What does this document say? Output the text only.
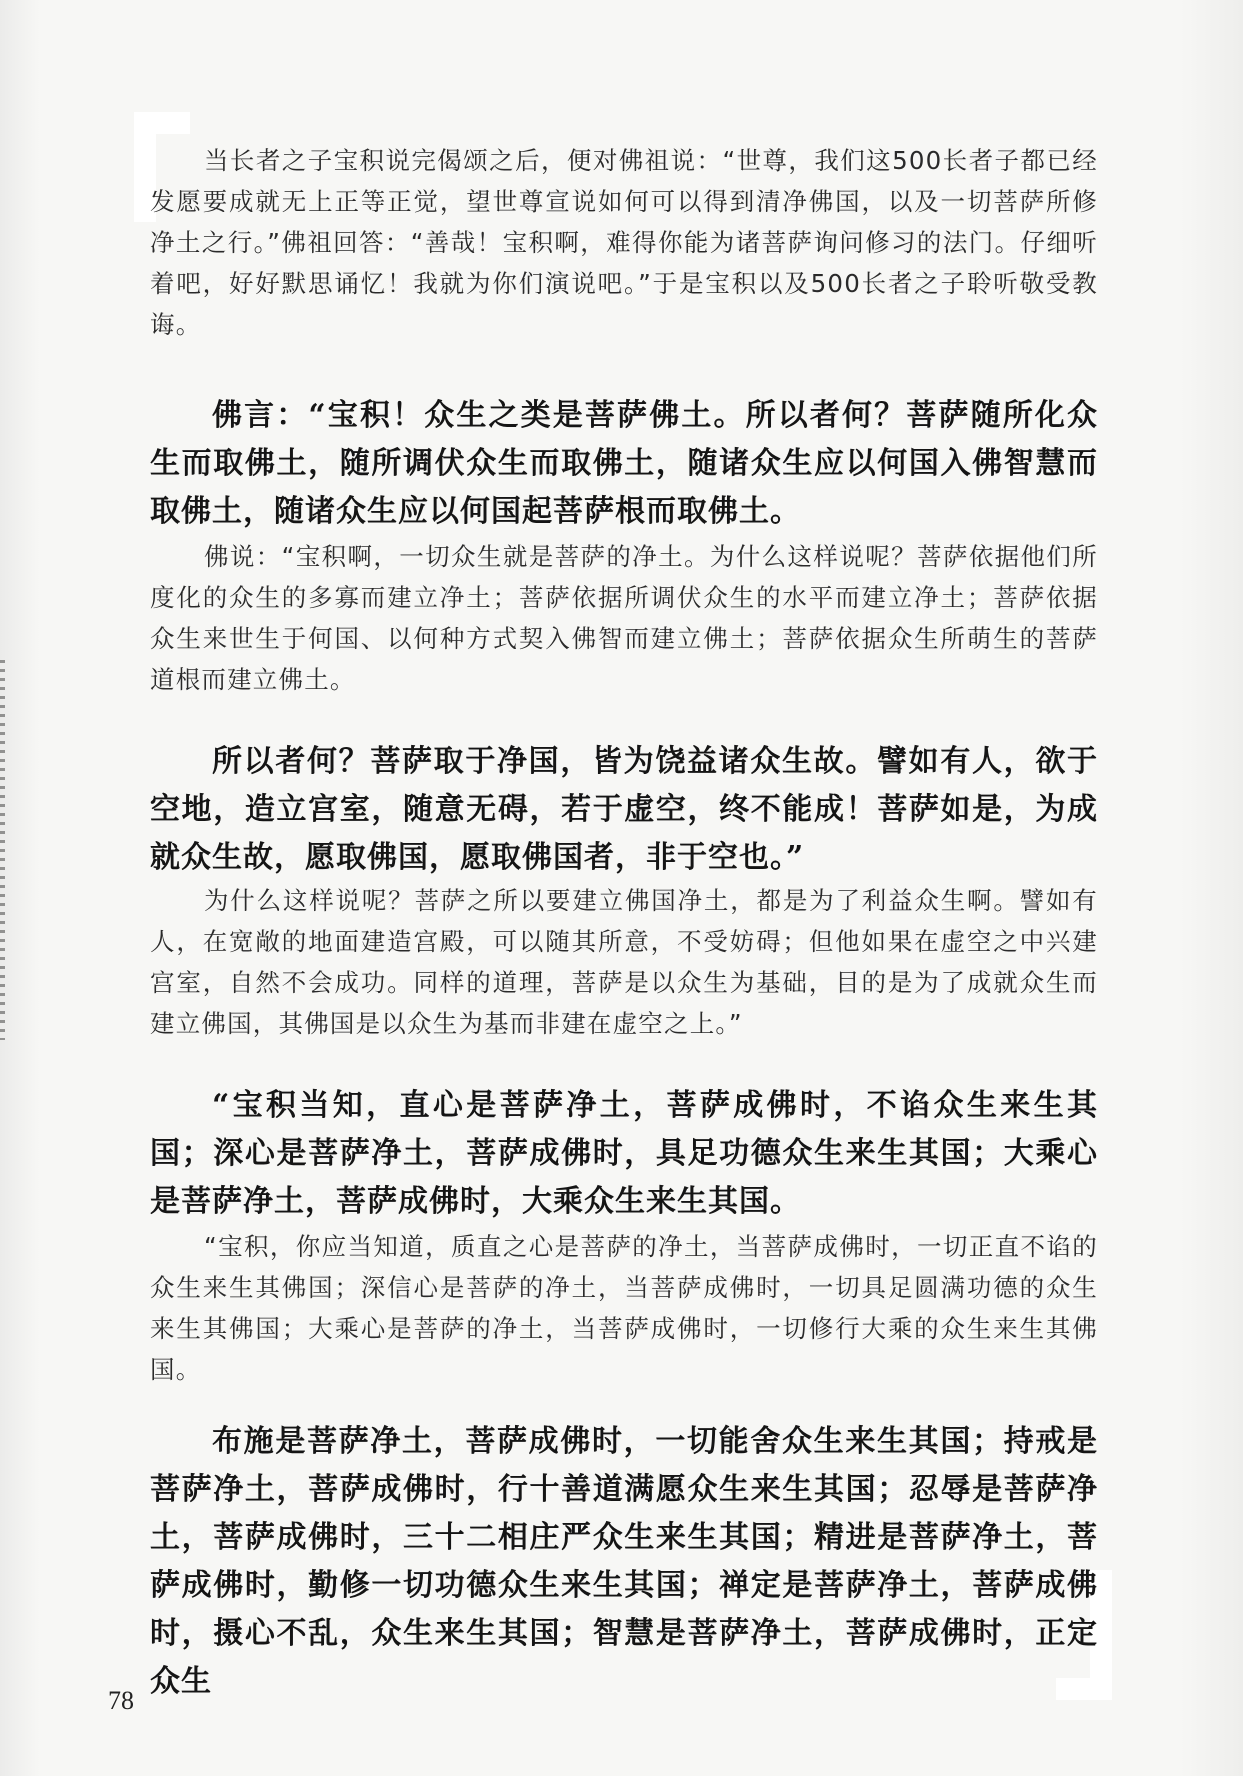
当长者之子宝积说完偈颂之后，便对佛祖说：“世尊，我们这500长者子都已经发愿要成就无上正等正觉，望世尊宣说如何可以得到清净佛国，以及一切菩萨所修净土之行。”佛祖回答：“善哉！宝积啊，难得你能为诸菩萨询问修习的法门。仔细听着吧，好好默思诵忆！我就为你们演说吧。”于是宝积以及500长者之子聆听敬受教诲。

佛言：“宝积！众生之类是菩萨佛土。所以者何？菩萨随所化众生而取佛土，随所调伏众生而取佛土，随诸众生应以何国入佛智慧而取佛土，随诸众生应以何国起菩萨根而取佛土。

佛说：“宝积啊，一切众生就是菩萨的净土。为什么这样说呢？菩萨依据他们所度化的众生的多寡而建立净土；菩萨依据所调伏众生的水平而建立净土；菩萨依据众生来世生于何国、以何种方式契入佛智而建立佛土；菩萨依据众生所萌生的菩萨道根而建立佛土。

所以者何？菩萨取于净国，皆为饶益诸众生故。譬如有人，欲于空地，造立宫室，随意无碍，若于虚空，终不能成！菩萨如是，为成就众生故，愿取佛国，愿取佛国者，非于空也。”

为什么这样说呢？菩萨之所以要建立佛国净土，都是为了利益众生啊。譬如有人，在宽敞的地面建造宫殿，可以随其所意，不受妨碍；但他如果在虚空之中兴建宫室，自然不会成功。同样的道理，菩萨是以众生为基础，目的是为了成就众生而建立佛国，其佛国是以众生为基而非建在虚空之上。”

“宝积当知，直心是菩萨净土，菩萨成佛时，不谄众生来生其国；深心是菩萨净土，菩萨成佛时，具足功德众生来生其国；大乘心是菩萨净土，菩萨成佛时，大乘众生来生其国。

“宝积，你应当知道，质直之心是菩萨的净土，当菩萨成佛时，一切正直不谄的众生来生其佛国；深信心是菩萨的净土，当菩萨成佛时，一切具足圆满功德的众生来生其佛国；大乘心是菩萨的净土，当菩萨成佛时，一切修行大乘的众生来生其佛国。

布施是菩萨净土，菩萨成佛时，一切能舍众生来生其国；持戒是菩萨净土，菩萨成佛时，行十善道满愿众生来生其国；忍辱是菩萨净土，菩萨成佛时，三十二相庄严众生来生其国；精进是菩萨净土，菩萨成佛时，勤修一切功德众生来生其国；禅定是菩萨净土，菩萨成佛时，摄心不乱，众生来生其国；智慧是菩萨净土，菩萨成佛时，正定众生

78
